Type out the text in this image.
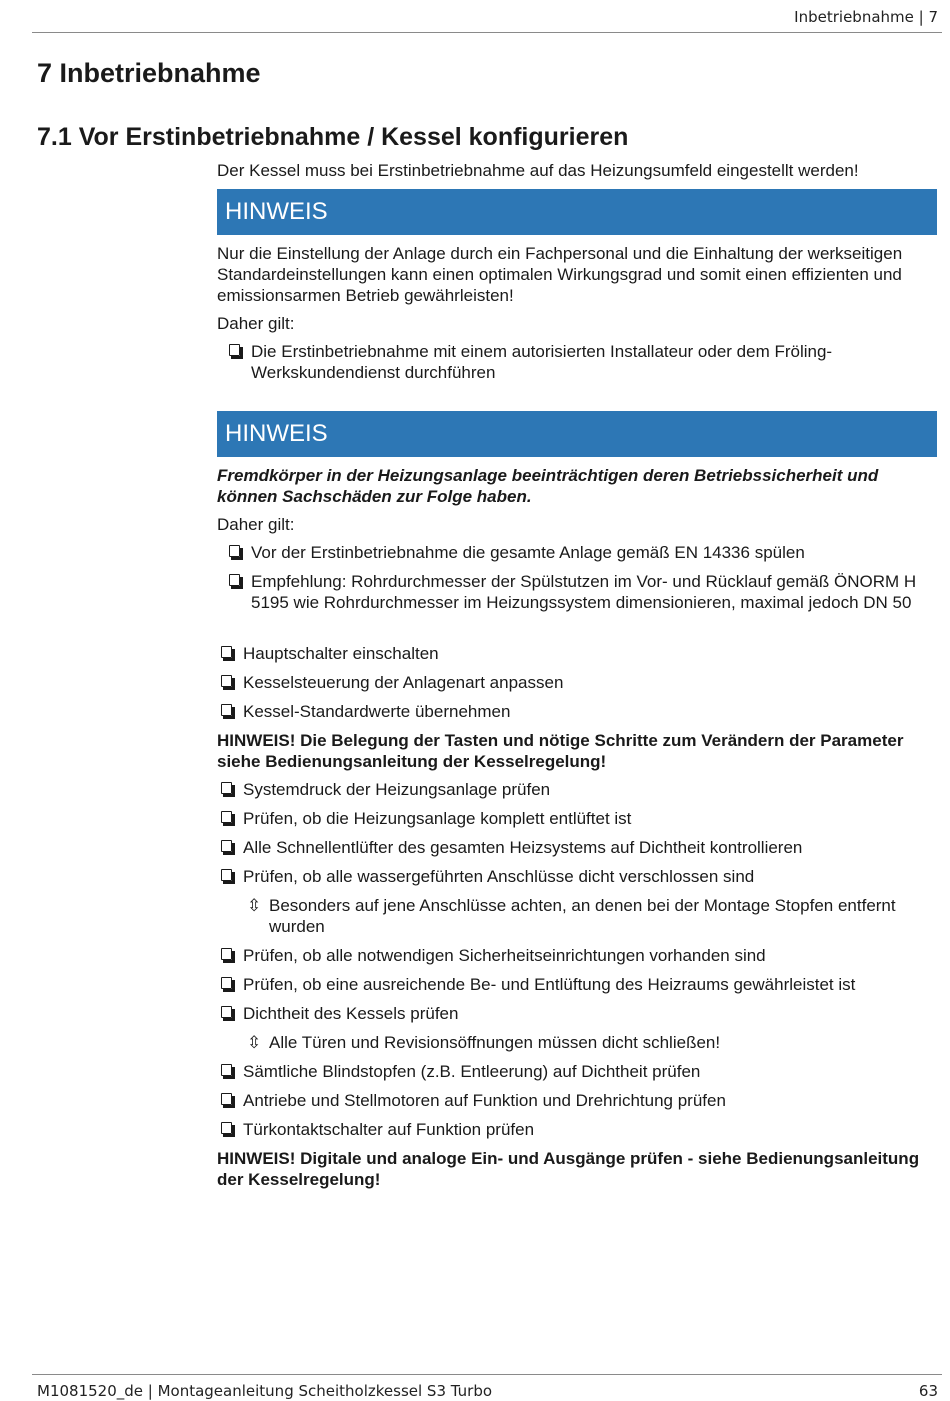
Inbetriebnahme | 7
7 Inbetriebnahme
7.1 Vor Erstinbetriebnahme / Kessel konfigurieren

Der Kessel muss bei Erstinbetriebnahme auf das Heizungsumfeld eingestellt werden!

HINWEIS

Nur die Einstellung der Anlage durch ein Fachpersonal und die Einhaltung der werkseitigen Standardeinstellungen kann einen optimalen Wirkungsgrad und somit einen effizienten und emissionsarmen Betrieb gewährleisten!

Daher gilt:

Die Erstinbetriebnahme mit einem autorisierten Installateur oder dem Fröling-Werkskundendienst durchführen
HINWEIS

Fremdkörper in der Heizungsanlage beeinträchtigen deren Betriebssicherheit und können Sachschäden zur Folge haben.

Daher gilt:

Vor der Erstinbetriebnahme die gesamte Anlage gemäß EN 14336 spülen
Empfehlung: Rohrdurchmesser der Spülstutzen im Vor- und Rücklauf gemäß ÖNORM H 5195 wie Rohrdurchmesser im Heizungssystem dimensionieren, maximal jedoch DN 50
Hauptschalter einschalten
Kesselsteuerung der Anlagenart anpassen
Kessel-Standardwerte übernehmen

HINWEIS! Die Belegung der Tasten und nötige Schritte zum Verändern der Parameter siehe Bedienungsanleitung der Kesselregelung!

Systemdruck der Heizungsanlage prüfen
Prüfen, ob die Heizungsanlage komplett entlüftet ist
Alle Schnellentlüfter des gesamten Heizsystems auf Dichtheit kontrollieren
Prüfen, ob alle wassergeführten Anschlüsse dicht verschlossen sind
⇳ Besonders auf jene Anschlüsse achten, an denen bei der Montage Stopfen entfernt wurden
Prüfen, ob alle notwendigen Sicherheitseinrichtungen vorhanden sind
Prüfen, ob eine ausreichende Be- und Entlüftung des Heizraums gewährleistet ist
Dichtheit des Kessels prüfen
⇳ Alle Türen und Revisionsöffnungen müssen dicht schließen!
Sämtliche Blindstopfen (z.B. Entleerung) auf Dichtheit prüfen
Antriebe und Stellmotoren auf Funktion und Drehrichtung prüfen
Türkontaktschalter auf Funktion prüfen

HINWEIS! Digitale und analoge Ein- und Ausgänge prüfen - siehe Bedienungsanleitung der Kesselregelung!

M1081520_de | Montageanleitung Scheitholzkessel S3 Turbo	63
